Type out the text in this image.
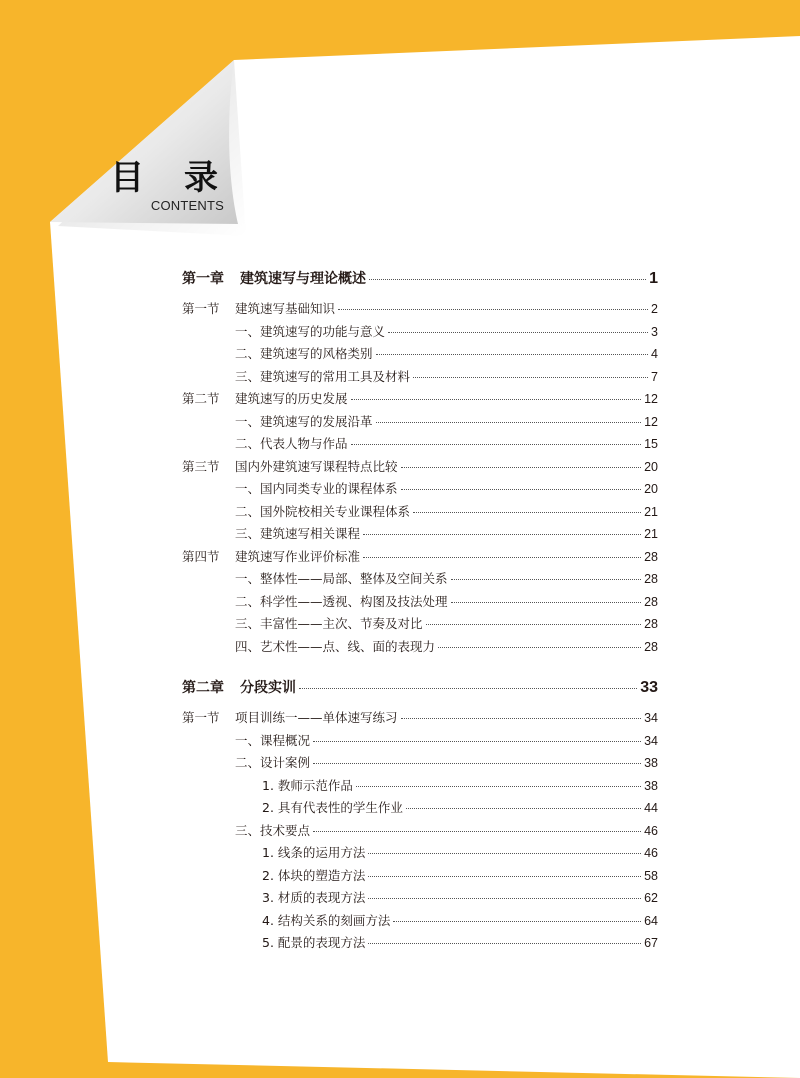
目 录
CONTENTS
第一章 建筑速写与理论概述	1
第一节 建筑速写基础知识	2
一、建筑速写的功能与意义	3
二、建筑速写的风格类别	4
三、建筑速写的常用工具及材料	7
第二节 建筑速写的历史发展	12
一、建筑速写的发展沿革	12
二、代表人物与作品	15
第三节 国内外建筑速写课程特点比较	20
一、国内同类专业的课程体系	20
二、国外院校相关专业课程体系	21
三、建筑速写相关课程	21
第四节 建筑速写作业评价标准	28
一、整体性——局部、整体及空间关系	28
二、科学性——透视、构图及技法处理	28
三、丰富性——主次、节奏及对比	28
四、艺术性——点、线、面的表现力	28
第二章 分段实训	33
第一节 项目训练一——单体速写练习	34
一、课程概况	34
二、设计案例	38
1. 教师示范作品	38
2. 具有代表性的学生作业	44
三、技术要点	46
1. 线条的运用方法	46
2. 体块的塑造方法	58
3. 材质的表现方法	62
4. 结构关系的刻画方法	64
5. 配景的表现方法	67
